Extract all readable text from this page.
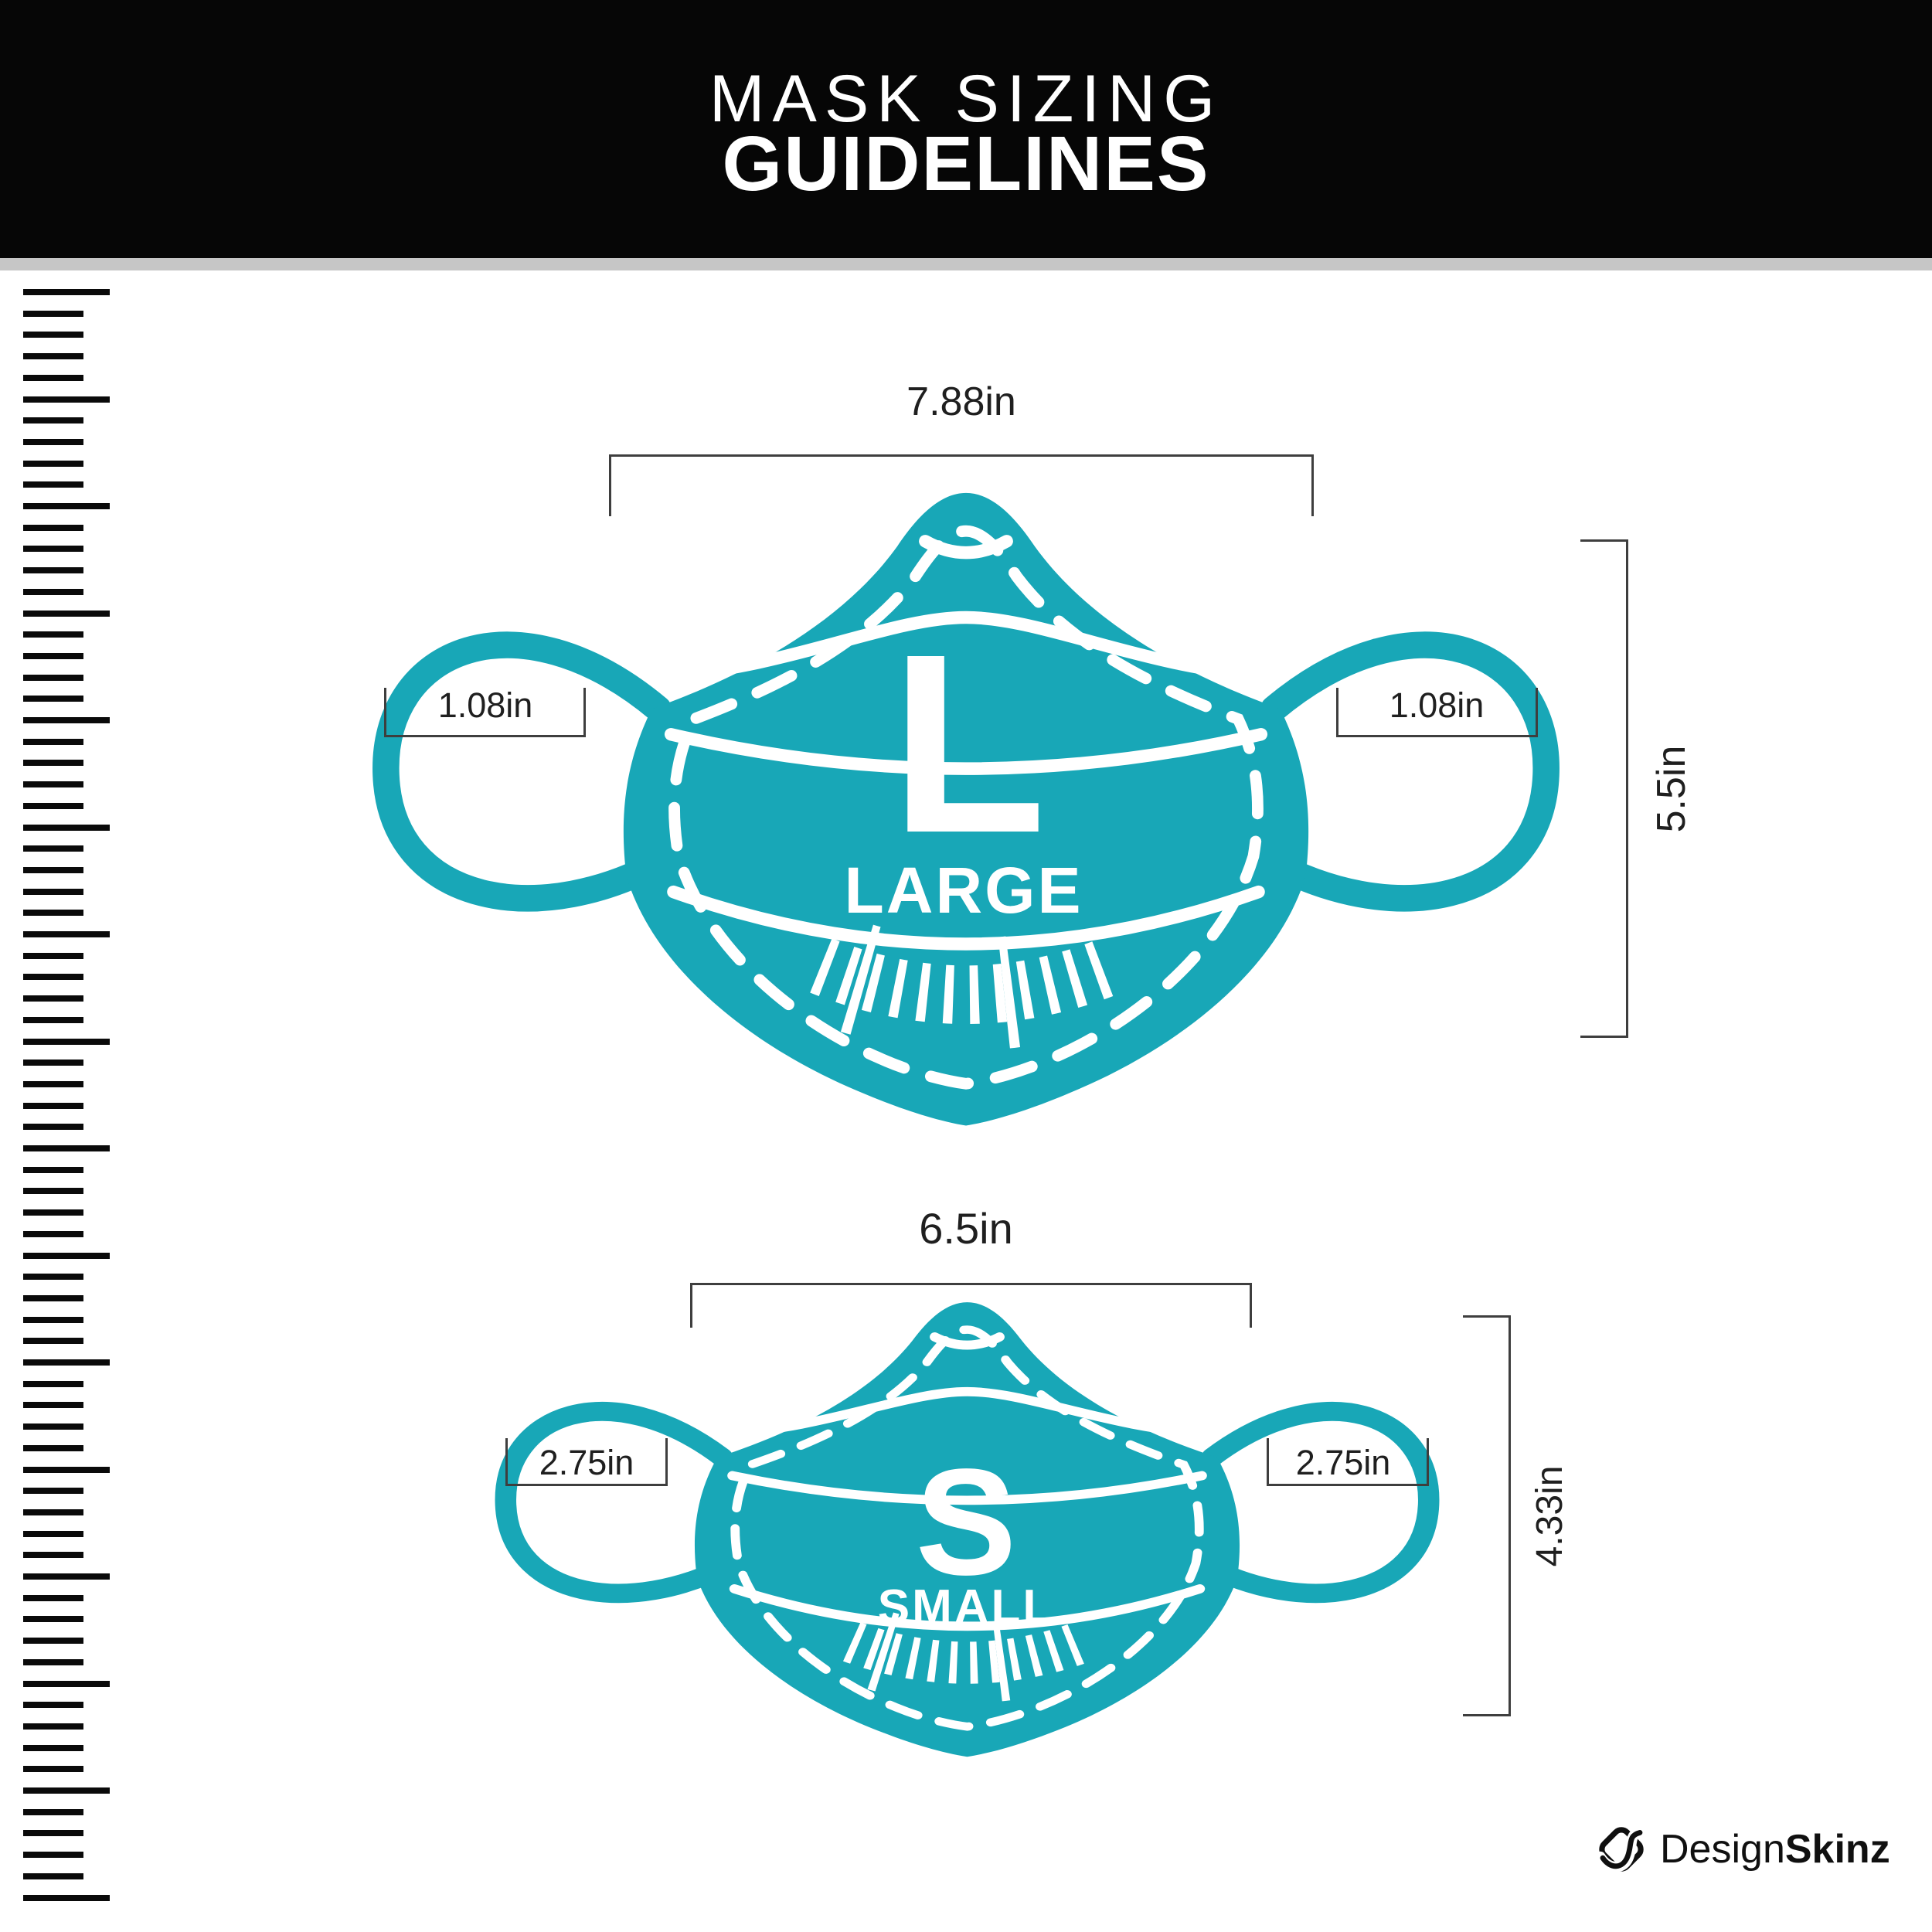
MASK SIZING
GUIDELINES
7.88in
L
LARGE
1.08in	1.08in
5.5in
6.5in
S
SMALL
2.75in	2.75in
4.33in
DesignSkinz
